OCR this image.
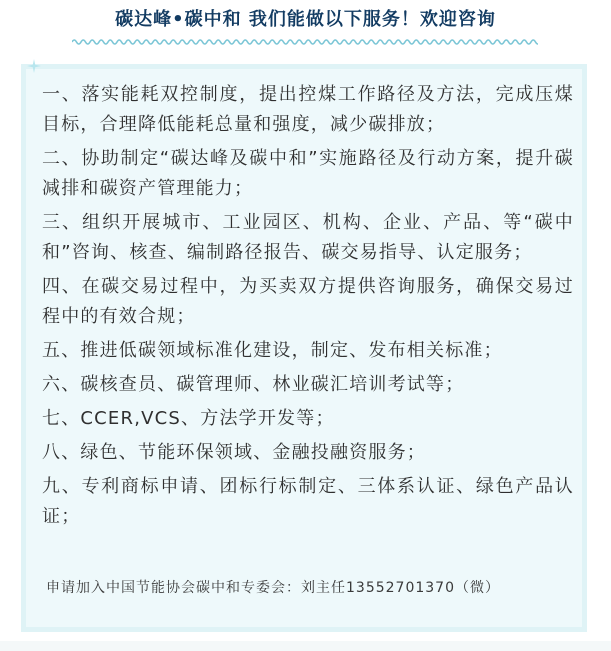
碳达峰•碳中和 我们能做以下服务！欢迎咨询

一、落实能耗双控制度，提出控煤工作路径及方法，完成压煤目标，合理降低能耗总量和强度，减少碳排放；

二、协助制定“碳达峰及碳中和”实施路径及行动方案，提升碳减排和碳资产管理能力；

三、组织开展城市、工业园区、机构、企业、产品、等“碳中和”咨询、核查、编制路径报告、碳交易指导、认定服务；

四、在碳交易过程中，为买卖双方提供咨询服务，确保交易过程中的有效合规；

五、推进低碳领域标准化建设，制定、发布相关标准；

六、碳核查员、碳管理师、林业碳汇培训考试等；

七、CCER,VCS、方法学开发等；

八、绿色、节能环保领域、金融投融资服务；

九、专利商标申请、团标行标制定、三体系认证、绿色产品认证；

申请加入中国节能协会碳中和专委会：刘主任13552701370（微）
